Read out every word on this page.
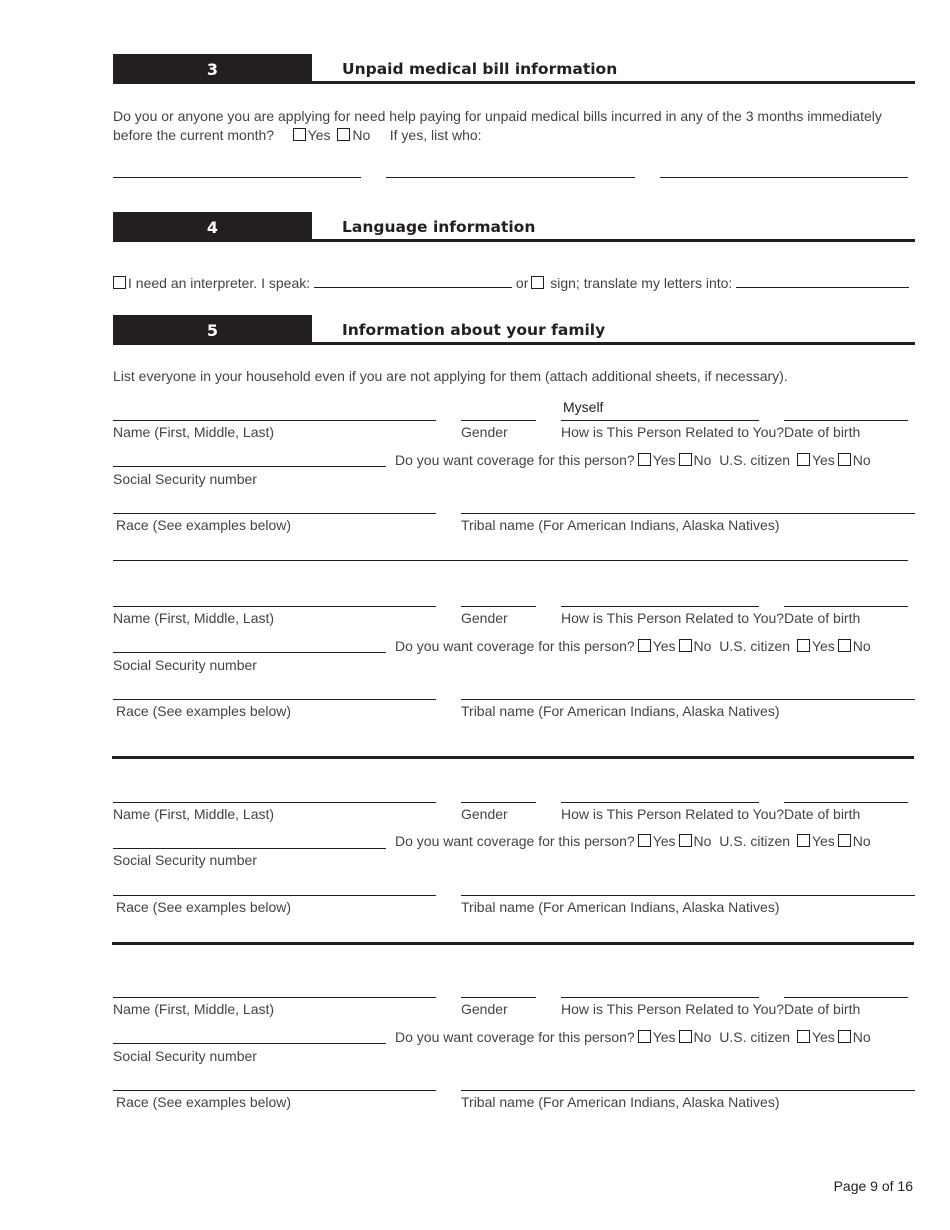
3	Unpaid medical bill information
Do you or anyone you are applying for need help paying for unpaid medical bills incurred in any of the 3 months immediately
before the current month? Yes No If yes, list who:
4	Language information
I need an interpreter. I speak:	or sign; translate my letters into:
5	Information about your family
List everyone in your household even if you are not applying for them (attach additional sheets, if necessary).
Myself
Name (First, Middle, Last)	Gender	How is This Person Related to You? Date of birth
Do you want coverage for this person? Yes No U.S. citizen Yes No
Social Security number
Race (See examples below)	Tribal name (For American Indians, Alaska Natives)
Name (First, Middle, Last)	Gender	How is This Person Related to You? Date of birth
Do you want coverage for this person? Yes No U.S. citizen Yes No
Social Security number
Race (See examples below)	Tribal name (For American Indians, Alaska Natives)
Name (First, Middle, Last)	Gender	How is This Person Related to You? Date of birth
Do you want coverage for this person? Yes No U.S. citizen Yes No
Social Security number
Race (See examples below)	Tribal name (For American Indians, Alaska Natives)
Name (First, Middle, Last)	Gender	How is This Person Related to You? Date of birth
Do you want coverage for this person? Yes No U.S. citizen Yes No
Social Security number
Race (See examples below)	Tribal name (For American Indians, Alaska Natives)
Page 9 of 16
